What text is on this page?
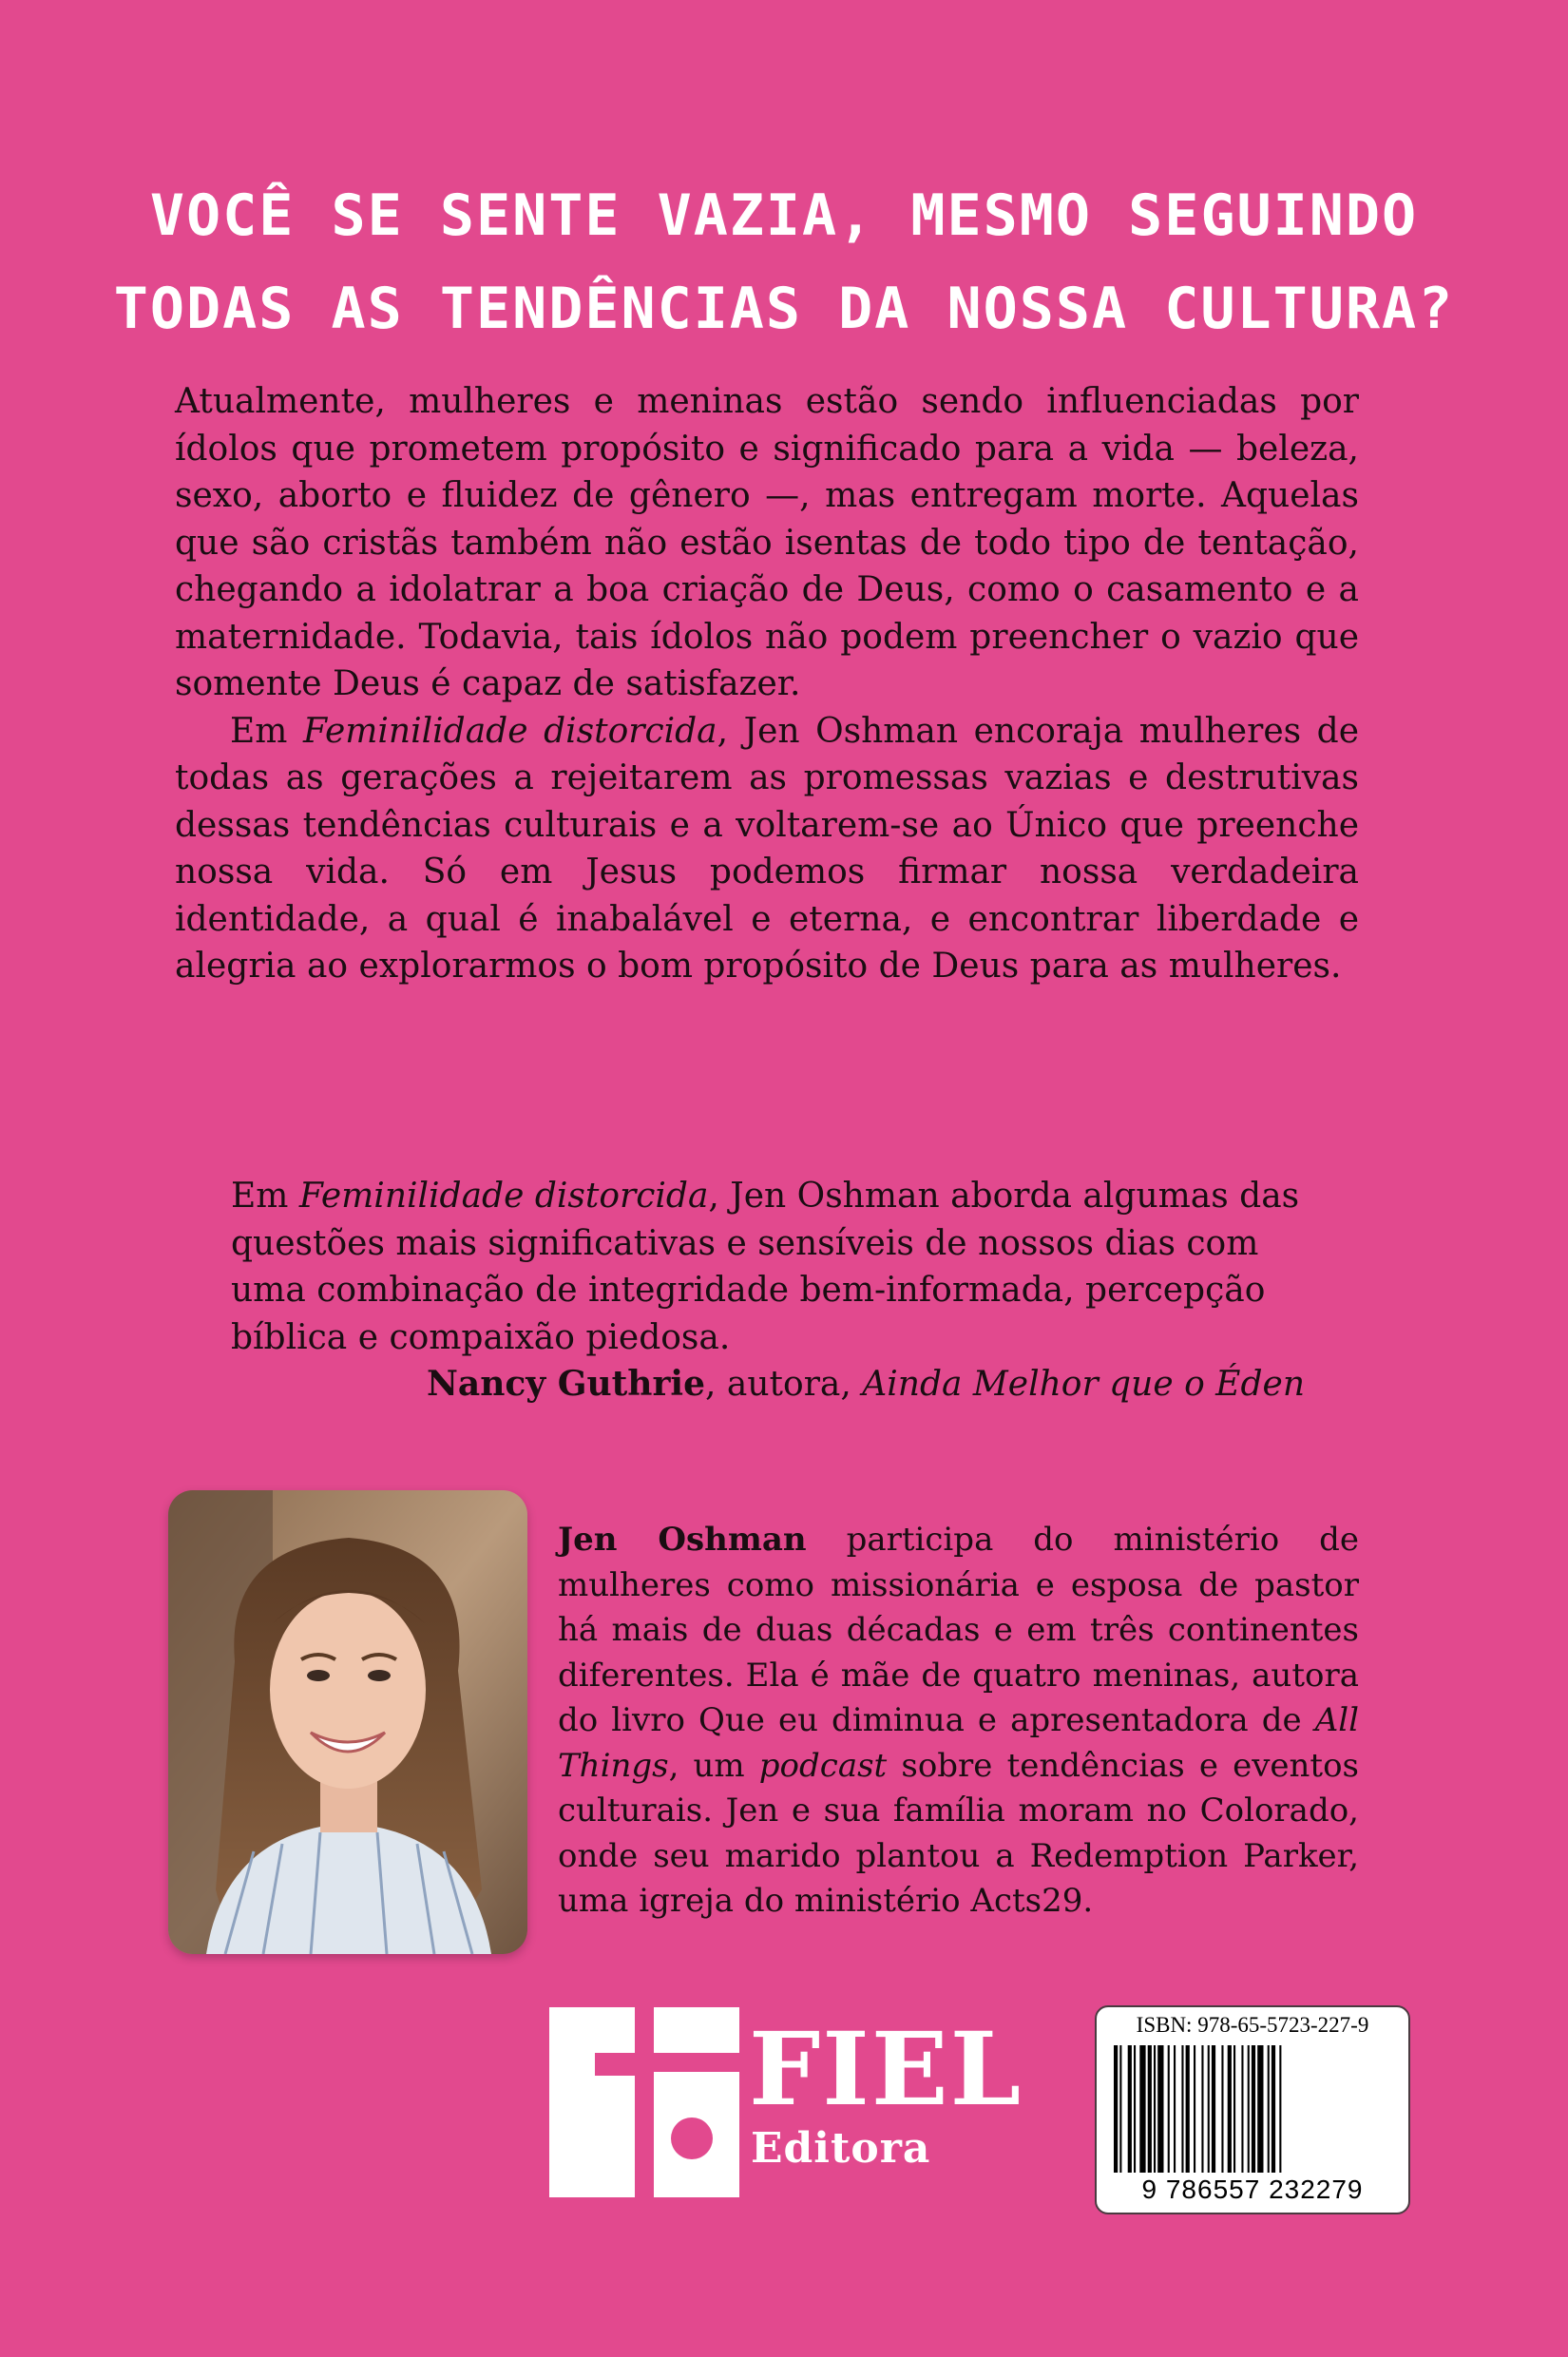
VOCÊ SE SENTE VAZIA, MESMO SEGUINDO
TODAS AS TENDÊNCIAS DA NOSSA CULTURA?

Atualmente, mulheres e meninas estão sendo influenciadas por ídolos que prometem propósito e significado para a vida — beleza, sexo, aborto e fluidez de gênero —, mas entregam morte. Aquelas que são cristãs também não estão isentas de todo tipo de tentação, chegando a idolatrar a boa criação de Deus, como o casamento e a maternidade. Todavia, tais ídolos não podem preencher o vazio que somente Deus é capaz de satisfazer.

Em Feminilidade distorcida, Jen Oshman encoraja mulheres de todas as gerações a rejeitarem as promessas vazias e destrutivas dessas tendências culturais e a voltarem-se ao Único que preenche nossa vida. Só em Jesus podemos firmar nossa verdadeira identidade, a qual é inabalável e eterna, e encontrar liberdade e alegria ao explorarmos o bom propósito de Deus para as mulheres.

Em Feminilidade distorcida, Jen Oshman aborda algumas das questões mais significativas e sensíveis de nossos dias com uma combinação de integridade bem-informada, percepção bíblica e compaixão piedosa.

Nancy Guthrie, autora, Ainda Melhor que o Éden

Jen Oshman participa do ministério de mulheres como missionária e esposa de pastor há mais de duas décadas e em três continentes diferentes. Ela é mãe de quatro meninas, autora do livro Que eu diminua e apresentadora de All Things, um podcast sobre tendências e eventos culturais. Jen e sua família moram no Colorado, onde seu marido plantou a Redemption Parker, uma igreja do ministério Acts29.

FIEL
Editora
ISBN: 978-65-5723-227-9
9 786557 232279
